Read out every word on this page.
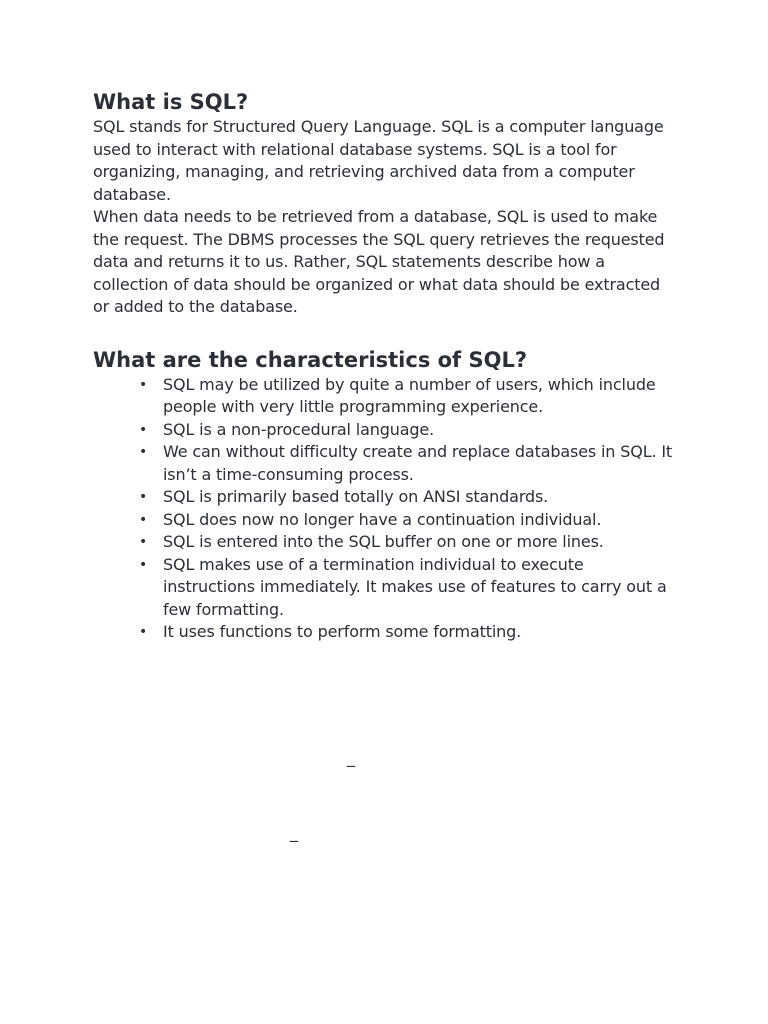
What is SQL?

SQL stands for Structured Query Language. SQL is a computer language used to interact with relational database systems. SQL is a tool for organizing, managing, and retrieving archived data from a computer database.

When data needs to be retrieved from a database, SQL is used to make the request. The DBMS processes the SQL query retrieves the requested data and returns it to us. Rather, SQL statements describe how a collection of data should be organized or what data should be extracted or added to the database.

What are the characteristics of SQL?
• SQL may be utilized by quite a number of users, which include people with very little programming experience.
• SQL is a non-procedural language.
• We can without difficulty create and replace databases in SQL. It isn’t a time-consuming process.
• SQL is primarily based totally on ANSI standards.
• SQL does now no longer have a continuation individual.
• SQL is entered into the SQL buffer on one or more lines.
• SQL makes use of a termination individual to execute instructions immediately. It makes use of features to carry out a few formatting.
• It uses functions to perform some formatting.
_
_
